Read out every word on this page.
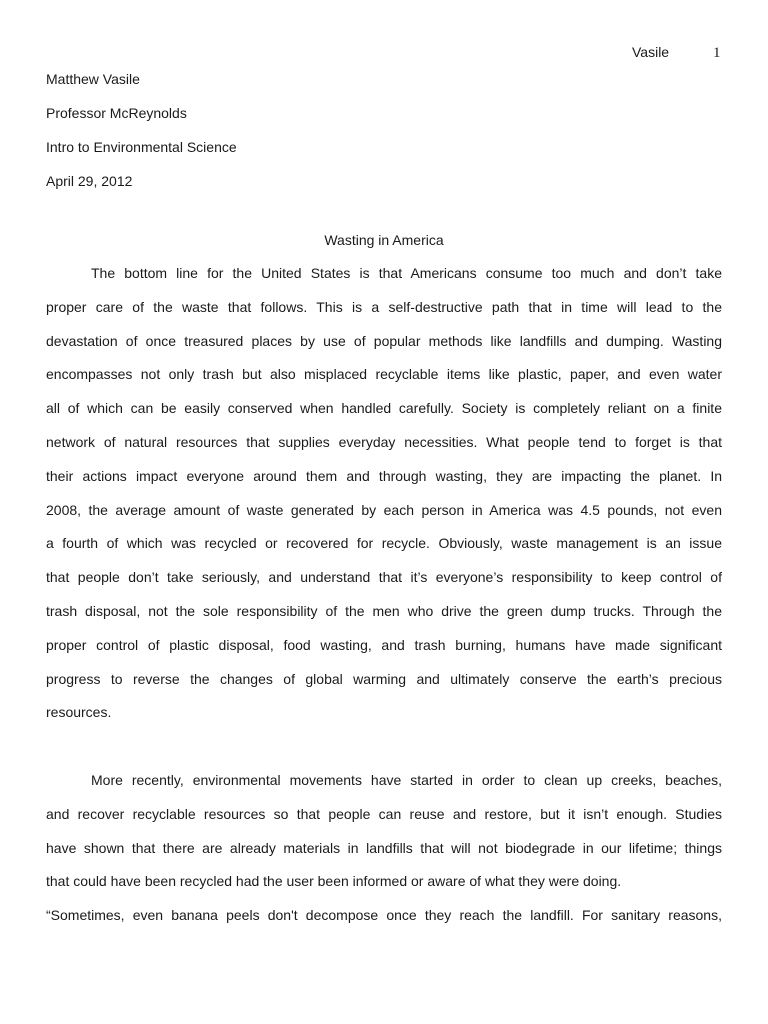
Vasile	1
Matthew Vasile
Professor McReynolds
Intro to Environmental Science
April 29, 2012
Wasting in America
The bottom line for the United States is that Americans consume too much and don’t take
proper care of the waste that follows. This is a self-destructive path that in time will lead to the
devastation of once treasured places by use of popular methods like landfills and dumping. Wasting
encompasses not only trash but also misplaced recyclable items like plastic, paper, and even water
all of which can be easily conserved when handled carefully. Society is completely reliant on a finite
network of natural resources that supplies everyday necessities. What people tend to forget is that
their actions impact everyone around them and through wasting, they are impacting the planet. In
2008, the average amount of waste generated by each person in America was 4.5 pounds, not even
a fourth of which was recycled or recovered for recycle. Obviously, waste management is an issue
that people don’t take seriously, and understand that it’s everyone’s responsibility to keep control of
trash disposal, not the sole responsibility of the men who drive the green dump trucks. Through the
proper control of plastic disposal, food wasting, and trash burning, humans have made significant
progress to reverse the changes of global warming and ultimately conserve the earth’s precious
resources.
More recently, environmental movements have started in order to clean up creeks, beaches,
and recover recyclable resources so that people can reuse and restore, but it isn’t enough. Studies
have shown that there are already materials in landfills that will not biodegrade in our lifetime; things
that could have been recycled had the user been informed or aware of what they were doing.
“Sometimes, even banana peels don't decompose once they reach the landfill. For sanitary reasons,
